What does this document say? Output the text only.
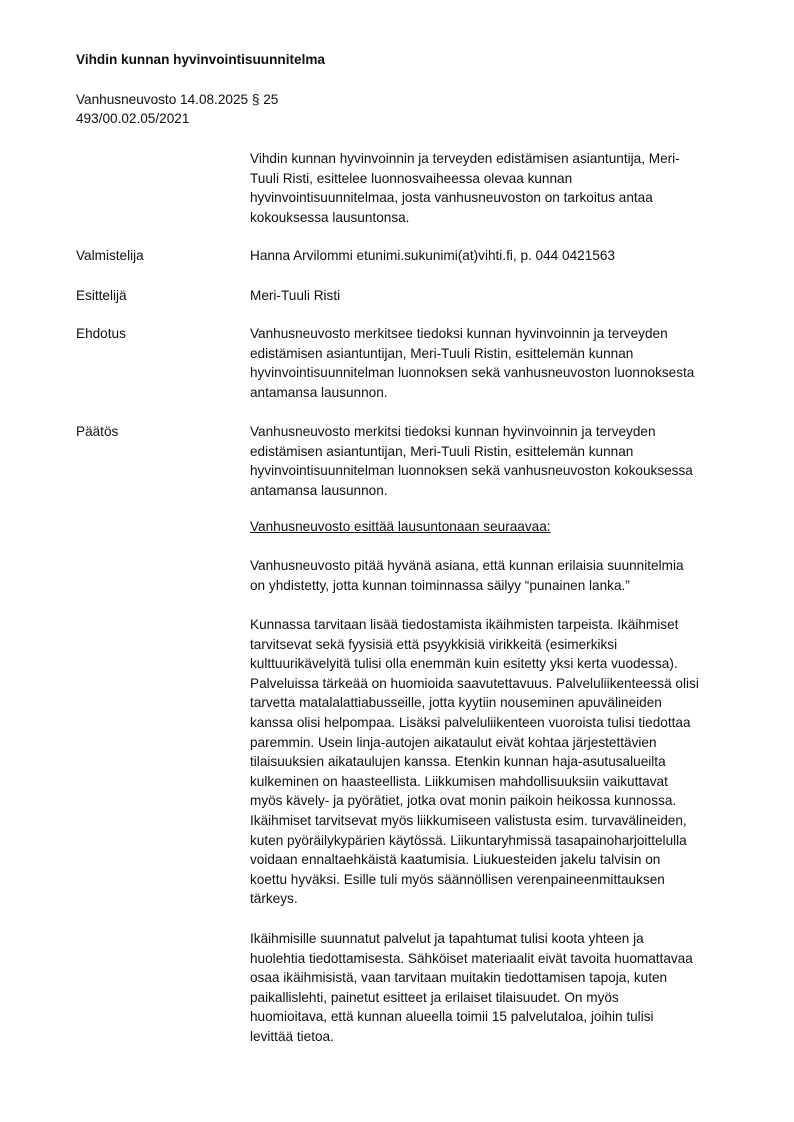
Vihdin kunnan hyvinvointisuunnitelma
Vanhusneuvosto 14.08.2025 § 25
493/00.02.05/2021

Vihdin kunnan hyvinvoinnin ja terveyden edistämisen asiantuntija, Meri-

Tuuli Risti, esittelee luonnosvaiheessa olevaa kunnan

hyvinvointisuunnitelmaa, josta vanhusneuvoston on tarkoitus antaa

kokouksessa lausuntonsa.

Valmistelija	Hanna Arvilommi etunimi.sukunimi(at)vihti.fi, p. 044 0421563
Esittelijä	Meri-Tuuli Risti
Ehdotus	Vanhusneuvosto merkitsee tiedoksi kunnan hyvinvoinnin ja terveyden

edistämisen asiantuntijan, Meri-Tuuli Ristin, esittelemän kunnan

hyvinvointisuunnitelman luonnoksen sekä vanhusneuvoston luonnoksesta

antamansa lausunnon.

Päätös	Vanhusneuvosto merkitsi tiedoksi kunnan hyvinvoinnin ja terveyden

edistämisen asiantuntijan, Meri-Tuuli Ristin, esittelemän kunnan

hyvinvointisuunnitelman luonnoksen sekä vanhusneuvoston kokouksessa

antamansa lausunnon.

Vanhusneuvosto esittää lausuntonaan seuraavaa:

Vanhusneuvosto pitää hyvänä asiana, että kunnan erilaisia suunnitelmia

on yhdistetty, jotta kunnan toiminnassa säilyy “punainen lanka.”

Kunnassa tarvitaan lisää tiedostamista ikäihmisten tarpeista. Ikäihmiset

tarvitsevat sekä fyysisiä että psyykkisiä virikkeitä (esimerkiksi

kulttuurikävelyitä tulisi olla enemmän kuin esitetty yksi kerta vuodessa).

Palveluissa tärkeää on huomioida saavutettavuus. Palveluliikenteessä olisi

tarvetta matalalattiabusseille, jotta kyytiin nouseminen apuvälineiden

kanssa olisi helpompaa. Lisäksi palveluliikenteen vuoroista tulisi tiedottaa

paremmin. Usein linja-autojen aikataulut eivät kohtaa järjestettävien

tilaisuuksien aikataulujen kanssa. Etenkin kunnan haja-asutusalueilta

kulkeminen on haasteellista. Liikkumisen mahdollisuuksiin vaikuttavat

myös kävely- ja pyörätiet, jotka ovat monin paikoin heikossa kunnossa.

Ikäihmiset tarvitsevat myös liikkumiseen valistusta esim. turvavälineiden,

kuten pyöräilykypärien käytössä. Liikuntaryhmissä tasapainoharjoittelulla

voidaan ennaltaehkäistä kaatumisia. Liukuesteiden jakelu talvisin on

koettu hyväksi. Esille tuli myös säännöllisen verenpaineenmittauksen

tärkeys.

Ikäihmisille suunnatut palvelut ja tapahtumat tulisi koota yhteen ja

huolehtia tiedottamisesta. Sähköiset materiaalit eivät tavoita huomattavaa

osaa ikäihmisistä, vaan tarvitaan muitakin tiedottamisen tapoja, kuten

paikallislehti, painetut esitteet ja erilaiset tilaisuudet. On myös

huomioitava, että kunnan alueella toimii 15 palvelutaloa, joihin tulisi

levittää tietoa.
